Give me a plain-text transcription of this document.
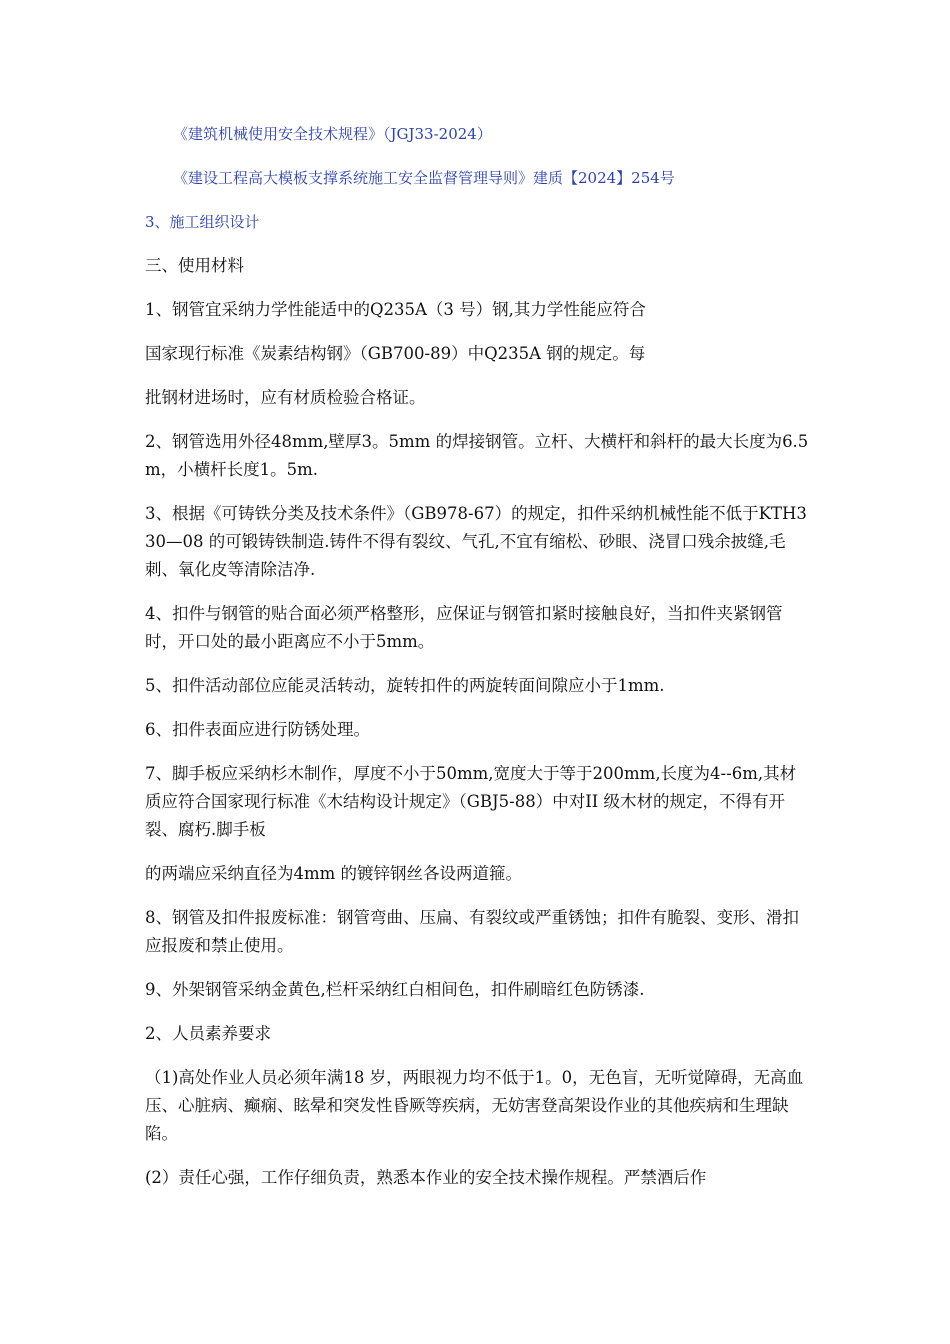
《建筑机械使用安全技术规程》（JGJ33-2024）

《建设工程高大模板支撑系统施工安全监督管理导则》建质【2024】254号

3、施工组织设计

三、使用材料

1、钢管宜采纳力学性能适中的Q235A（3 号）钢,其力学性能应符合

国家现行标准《炭素结构钢》（GB700-89）中Q235A 钢的规定。每

批钢材进场时，应有材质检验合格证。

2、钢管选用外径48mm,壁厚3。5mm 的焊接钢管。立杆、大横杆和斜杆的最大长度为6.5m，小横杆长度1。5m.

3、根据《可铸铁分类及技术条件》（GB978-67）的规定，扣件采纳机械性能不低于KTH330—08 的可锻铸铁制造.铸件不得有裂纹、气孔,不宜有缩松、砂眼、浇冒口残余披缝,毛刺、氧化皮等清除洁净.

4、扣件与钢管的贴合面必须严格整形，应保证与钢管扣紧时接触良好，当扣件夹紧钢管时，开口处的最小距离应不小于5mm。

5、扣件活动部位应能灵活转动，旋转扣件的两旋转面间隙应小于1mm.

6、扣件表面应进行防锈处理。

7、脚手板应采纳杉木制作，厚度不小于50mm,宽度大于等于200mm,长度为4--6m,其材质应符合国家现行标准《木结构设计规定》（GBJ5-88）中对II 级木材的规定，不得有开裂、腐朽.脚手板

的两端应采纳直径为4mm 的镀锌钢丝各设两道箍。

8、钢管及扣件报废标准：钢管弯曲、压扁、有裂纹或严重锈蚀；扣件有脆裂、变形、滑扣应报废和禁止使用。

9、外架钢管采纳金黄色,栏杆采纳红白相间色，扣件刷暗红色防锈漆.

2、人员素养要求

（1)高处作业人员必须年满18 岁，两眼视力均不低于1。0，无色盲，无听觉障碍，无高血压、心脏病、癫痫、眩晕和突发性昏厥等疾病，无妨害登高架设作业的其他疾病和生理缺陷。

(2）责任心强，工作仔细负责，熟悉本作业的安全技术操作规程。严禁酒后作
